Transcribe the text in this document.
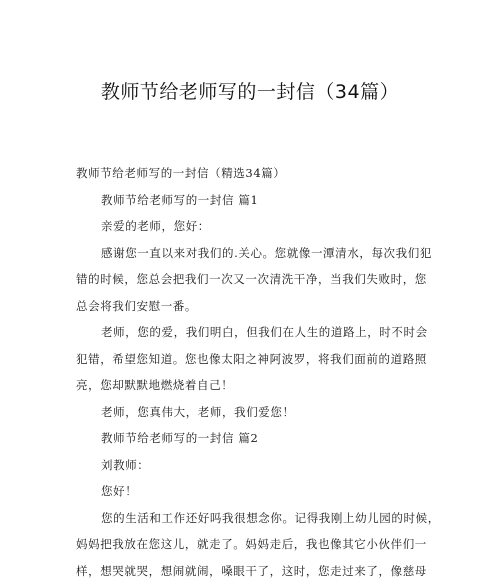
教师节给老师写的一封信（34篇）

教师节给老师写的一封信（精选34篇）

教师节给老师写的一封信 篇1

亲爱的老师，您好：

感谢您一直以来对我们的.关心。您就像一潭清水，每次我们犯

错的时候，您总会把我们一次又一次清洗干净，当我们失败时，您

总会将我们安慰一番。

老师，您的爱，我们明白，但我们在人生的道路上，时不时会

犯错，希望您知道。您也像太阳之神阿波罗，将我们面前的道路照

亮，您却默默地燃烧着自己！

老师，您真伟大，老师，我们爱您！

教师节给老师写的一封信 篇2

刘教师：

您好！

您的生活和工作还好吗我很想念你。记得我刚上幼儿园的时候，

妈妈把我放在您这儿，就走了。妈妈走后，我也像其它小伙伴们一

样，想哭就哭，想闹就闹，嗓眼干了，这时，您走过来了，像慈母
